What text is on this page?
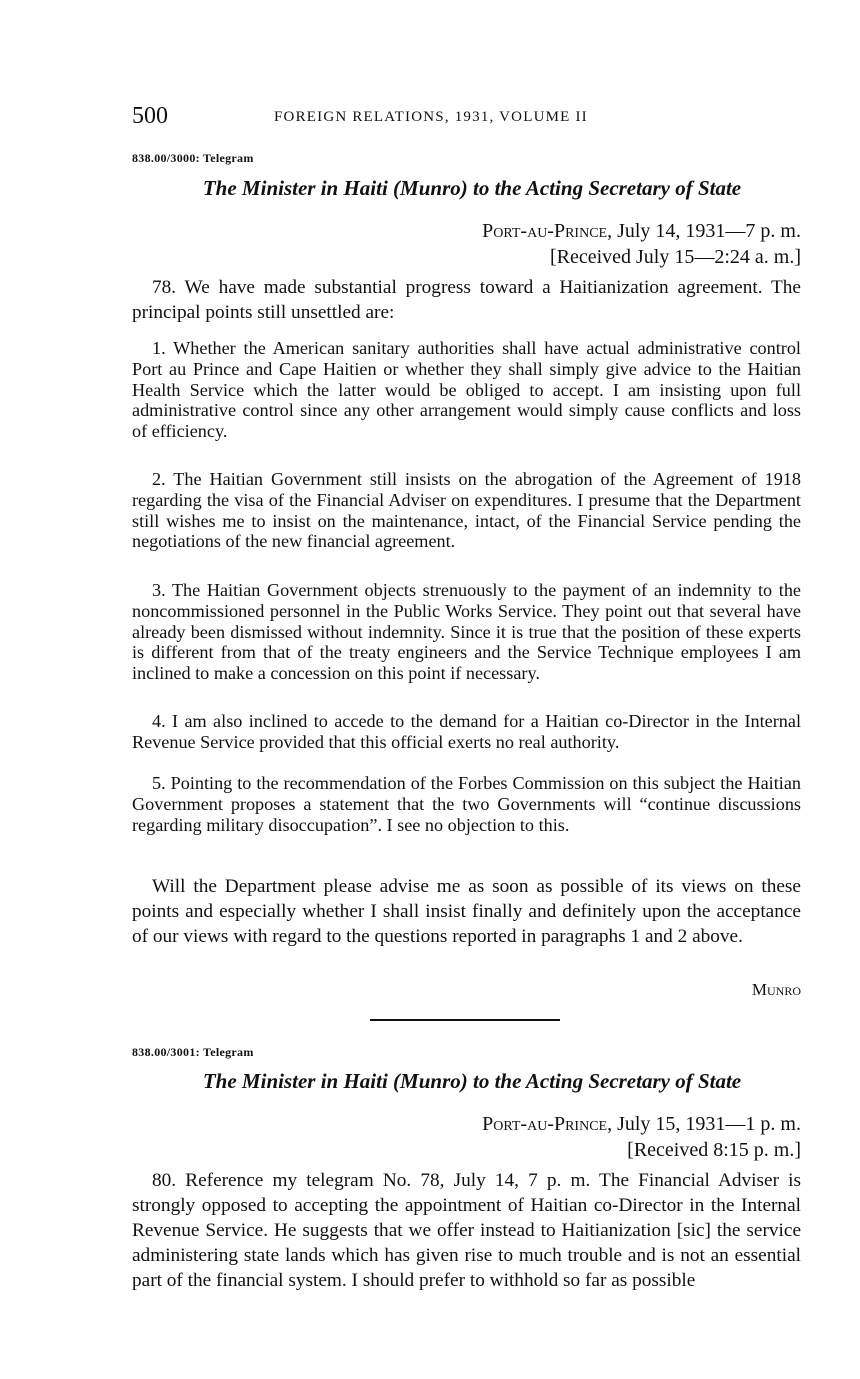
500	FOREIGN RELATIONS, 1931, VOLUME II
838.00/3000: Telegram
The Minister in Haiti (Munro) to the Acting Secretary of State
Port-au-Prince, July 14, 1931—7 p. m.
[Received July 15—2:24 a. m.]

78. We have made substantial progress toward a Haitianization agreement. The principal points still unsettled are:

1. Whether the American sanitary authorities shall have actual administrative control Port au Prince and Cape Haitien or whether they shall simply give advice to the Haitian Health Service which the latter would be obliged to accept. I am insisting upon full administrative control since any other arrangement would simply cause conflicts and loss of efficiency.

2. The Haitian Government still insists on the abrogation of the Agreement of 1918 regarding the visa of the Financial Adviser on expenditures. I presume that the Department still wishes me to insist on the maintenance, intact, of the Financial Service pending the negotiations of the new financial agreement.

3. The Haitian Government objects strenuously to the payment of an indemnity to the noncommissioned personnel in the Public Works Service. They point out that several have already been dismissed without indemnity. Since it is true that the position of these experts is different from that of the treaty engineers and the Service Technique employees I am inclined to make a concession on this point if necessary.

4. I am also inclined to accede to the demand for a Haitian co-Director in the Internal Revenue Service provided that this official exerts no real authority.

5. Pointing to the recommendation of the Forbes Commission on this subject the Haitian Government proposes a statement that the two Governments will “continue discussions regarding military disoccupation”. I see no objection to this.

Will the Department please advise me as soon as possible of its views on these points and especially whether I shall insist finally and definitely upon the acceptance of our views with regard to the questions reported in paragraphs 1 and 2 above.

Munro
838.00/3001: Telegram
The Minister in Haiti (Munro) to the Acting Secretary of State
Port-au-Prince, July 15, 1931—1 p. m.
[Received 8:15 p. m.]

80. Reference my telegram No. 78, July 14, 7 p. m. The Financial Adviser is strongly opposed to accepting the appointment of Haitian co-Director in the Internal Revenue Service. He suggests that we offer instead to Haitianization [sic] the service administering state lands which has given rise to much trouble and is not an essential part of the financial system. I should prefer to withhold so far as possible
